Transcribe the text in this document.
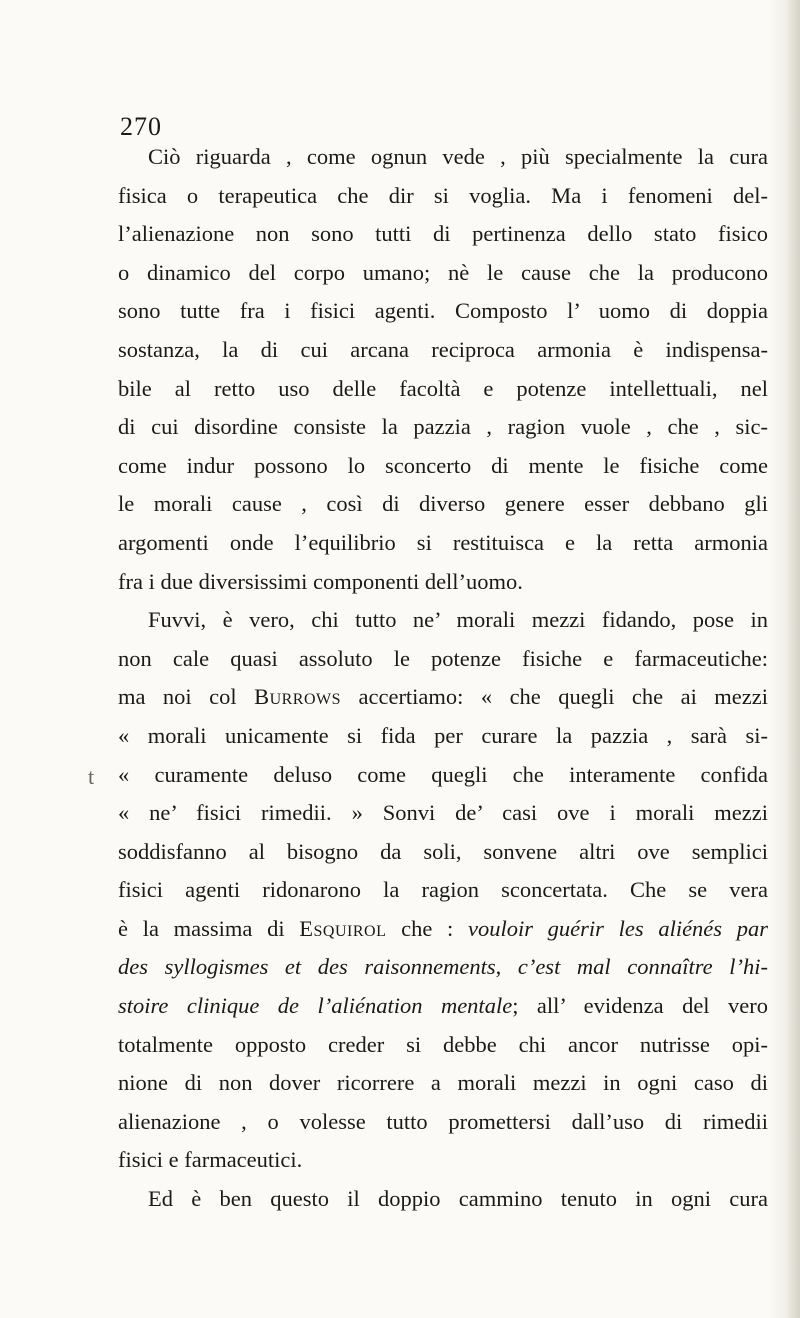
270
t
Ciò riguarda , come ognun vede , più specialmente la cura
fisica o terapeutica che dir si voglia. Ma i fenomeni del-
l’alienazione non sono tutti di pertinenza dello stato fisico
o dinamico del corpo umano; nè le cause che la producono
sono tutte fra i fisici agenti. Composto l’ uomo di doppia
sostanza, la di cui arcana reciproca armonia è indispensa-
bile al retto uso delle facoltà e potenze intellettuali, nel
di cui disordine consiste la pazzia , ragion vuole , che , sic-
come indur possono lo sconcerto di mente le fisiche come
le morali cause , così di diverso genere esser debbano gli
argomenti onde l’equilibrio si restituisca e la retta armonia
fra i due diversissimi componenti dell’uomo.
Fuvvi, è vero, chi tutto ne’ morali mezzi fidando, pose in
non cale quasi assoluto le potenze fisiche e farmaceutiche:
ma noi col Burrows accertiamo: « che quegli che ai mezzi
« morali unicamente si fida per curare la pazzia , sarà si-
« curamente deluso come quegli che interamente confida
« ne’ fisici rimedii. » Sonvi de’ casi ove i morali mezzi
soddisfanno al bisogno da soli, sonvene altri ove semplici
fisici agenti ridonarono la ragion sconcertata. Che se vera
è la massima di Esquirol che : vouloir guérir les aliénés par
des syllogismes et des raisonnements, c’est mal connaître l’hi-
stoire clinique de l’aliénation mentale; all’ evidenza del vero
totalmente opposto creder si debbe chi ancor nutrisse opi-
nione di non dover ricorrere a morali mezzi in ogni caso di
alienazione , o volesse tutto promettersi dall’uso di rimedii
fisici e farmaceutici.
Ed è ben questo il doppio cammino tenuto in ogni cura
